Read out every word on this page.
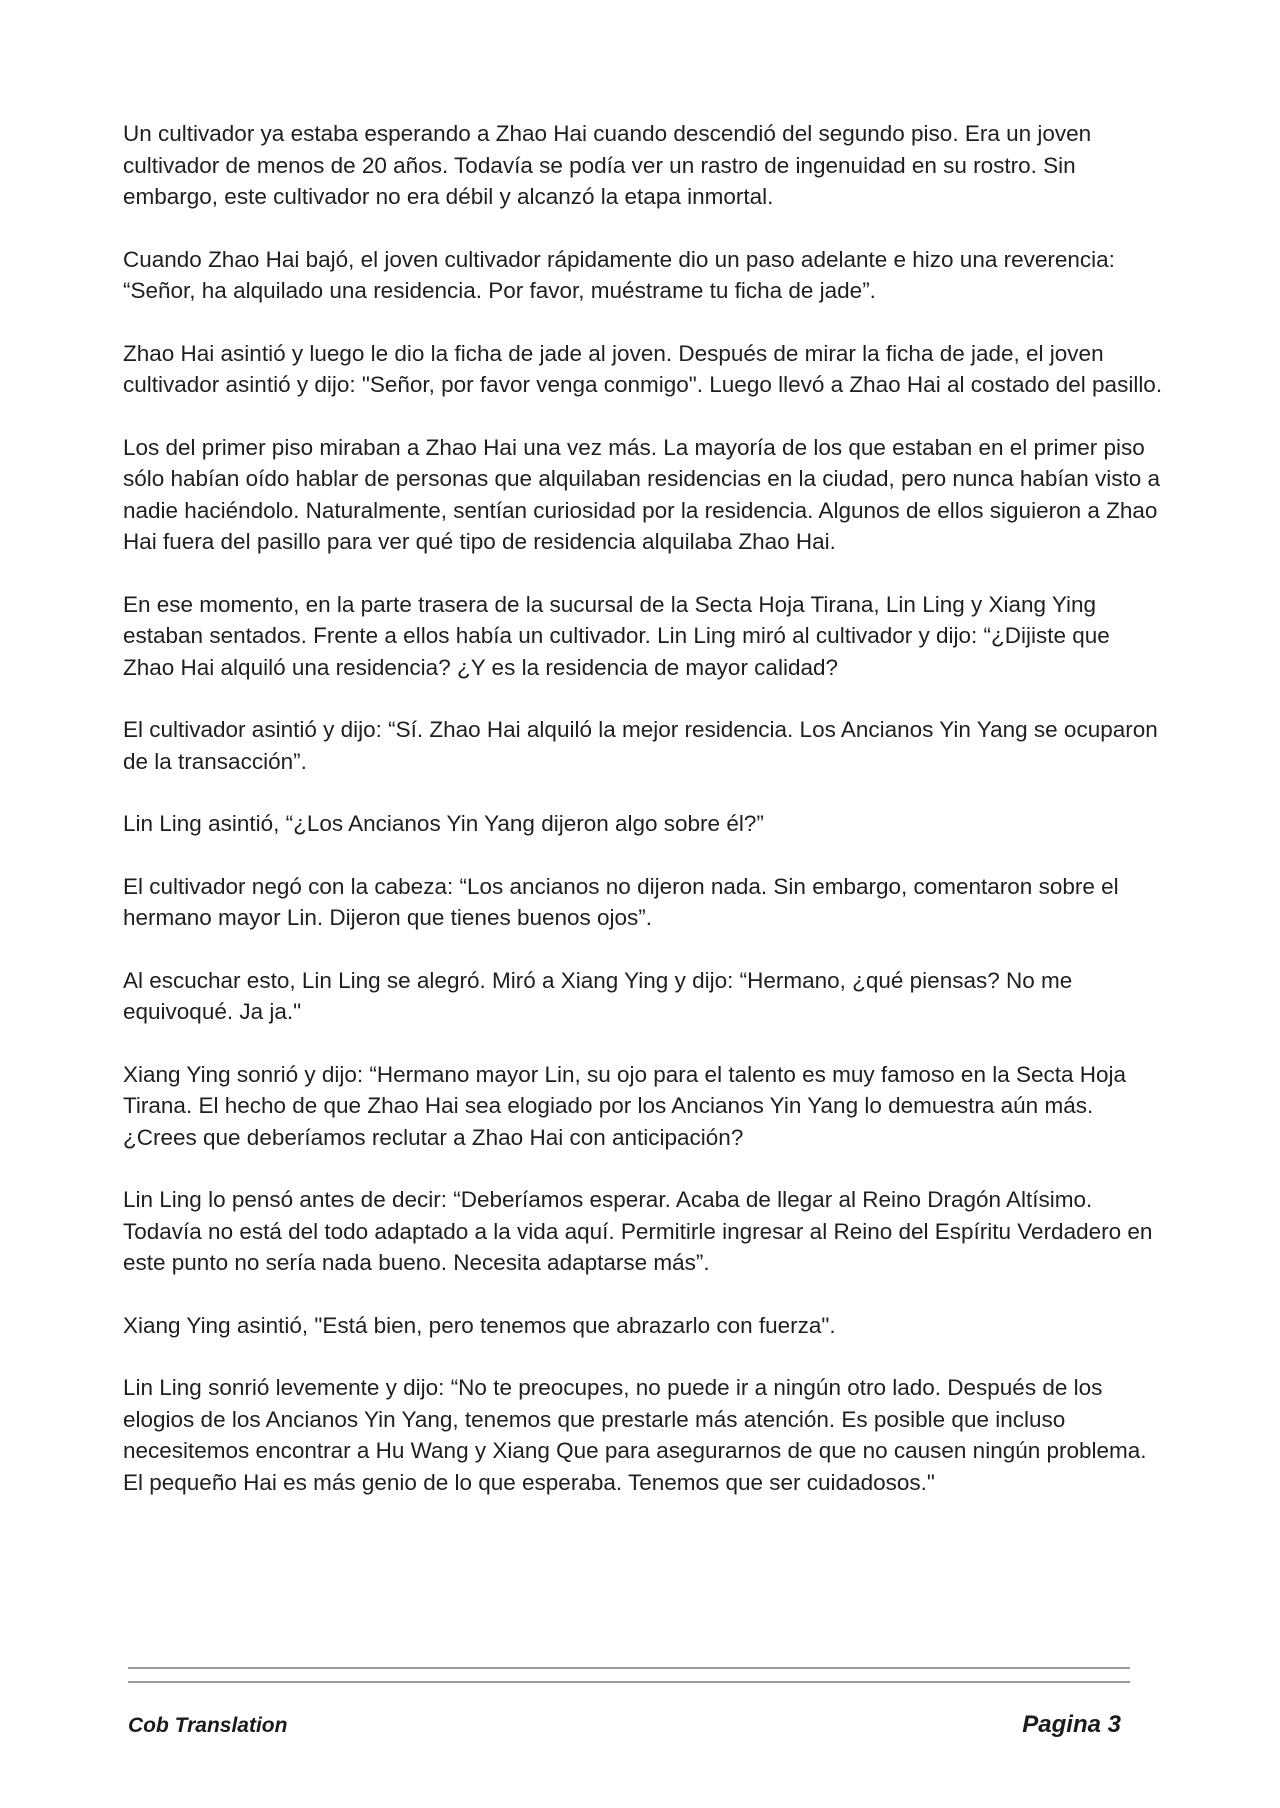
Un cultivador ya estaba esperando a Zhao Hai cuando descendió del segundo piso. Era un joven cultivador de menos de 20 años. Todavía se podía ver un rastro de ingenuidad en su rostro. Sin embargo, este cultivador no era débil y alcanzó la etapa inmortal.

Cuando Zhao Hai bajó, el joven cultivador rápidamente dio un paso adelante e hizo una reverencia: “Señor, ha alquilado una residencia. Por favor, muéstrame tu ficha de jade”.

Zhao Hai asintió y luego le dio la ficha de jade al joven. Después de mirar la ficha de jade, el joven cultivador asintió y dijo: "Señor, por favor venga conmigo". Luego llevó a Zhao Hai al costado del pasillo.

Los del primer piso miraban a Zhao Hai una vez más. La mayoría de los que estaban en el primer piso sólo habían oído hablar de personas que alquilaban residencias en la ciudad, pero nunca habían visto a nadie haciéndolo. Naturalmente, sentían curiosidad por la residencia. Algunos de ellos siguieron a Zhao Hai fuera del pasillo para ver qué tipo de residencia alquilaba Zhao Hai.

En ese momento, en la parte trasera de la sucursal de la Secta Hoja Tirana, Lin Ling y Xiang Ying estaban sentados. Frente a ellos había un cultivador. Lin Ling miró al cultivador y dijo: “¿Dijiste que Zhao Hai alquiló una residencia? ¿Y es la residencia de mayor calidad?

El cultivador asintió y dijo: “Sí. Zhao Hai alquiló la mejor residencia. Los Ancianos Yin Yang se ocuparon de la transacción”.

Lin Ling asintió, “¿Los Ancianos Yin Yang dijeron algo sobre él?”

El cultivador negó con la cabeza: “Los ancianos no dijeron nada. Sin embargo, comentaron sobre el hermano mayor Lin. Dijeron que tienes buenos ojos”.

Al escuchar esto, Lin Ling se alegró. Miró a Xiang Ying y dijo: “Hermano, ¿qué piensas? No me equivoqué. Ja ja."

Xiang Ying sonrió y dijo: “Hermano mayor Lin, su ojo para el talento es muy famoso en la Secta Hoja Tirana. El hecho de que Zhao Hai sea elogiado por los Ancianos Yin Yang lo demuestra aún más. ¿Crees que deberíamos reclutar a Zhao Hai con anticipación?

Lin Ling lo pensó antes de decir: “Deberíamos esperar. Acaba de llegar al Reino Dragón Altísimo. Todavía no está del todo adaptado a la vida aquí. Permitirle ingresar al Reino del Espíritu Verdadero en este punto no sería nada bueno. Necesita adaptarse más”.

Xiang Ying asintió, "Está bien, pero tenemos que abrazarlo con fuerza".

Lin Ling sonrió levemente y dijo: “No te preocupes, no puede ir a ningún otro lado. Después de los elogios de los Ancianos Yin Yang, tenemos que prestarle más atención. Es posible que incluso necesitemos encontrar a Hu Wang y Xiang Que para asegurarnos de que no causen ningún problema. El pequeño Hai es más genio de lo que esperaba. Tenemos que ser cuidadosos."

Cob Translation	Pagina 3
